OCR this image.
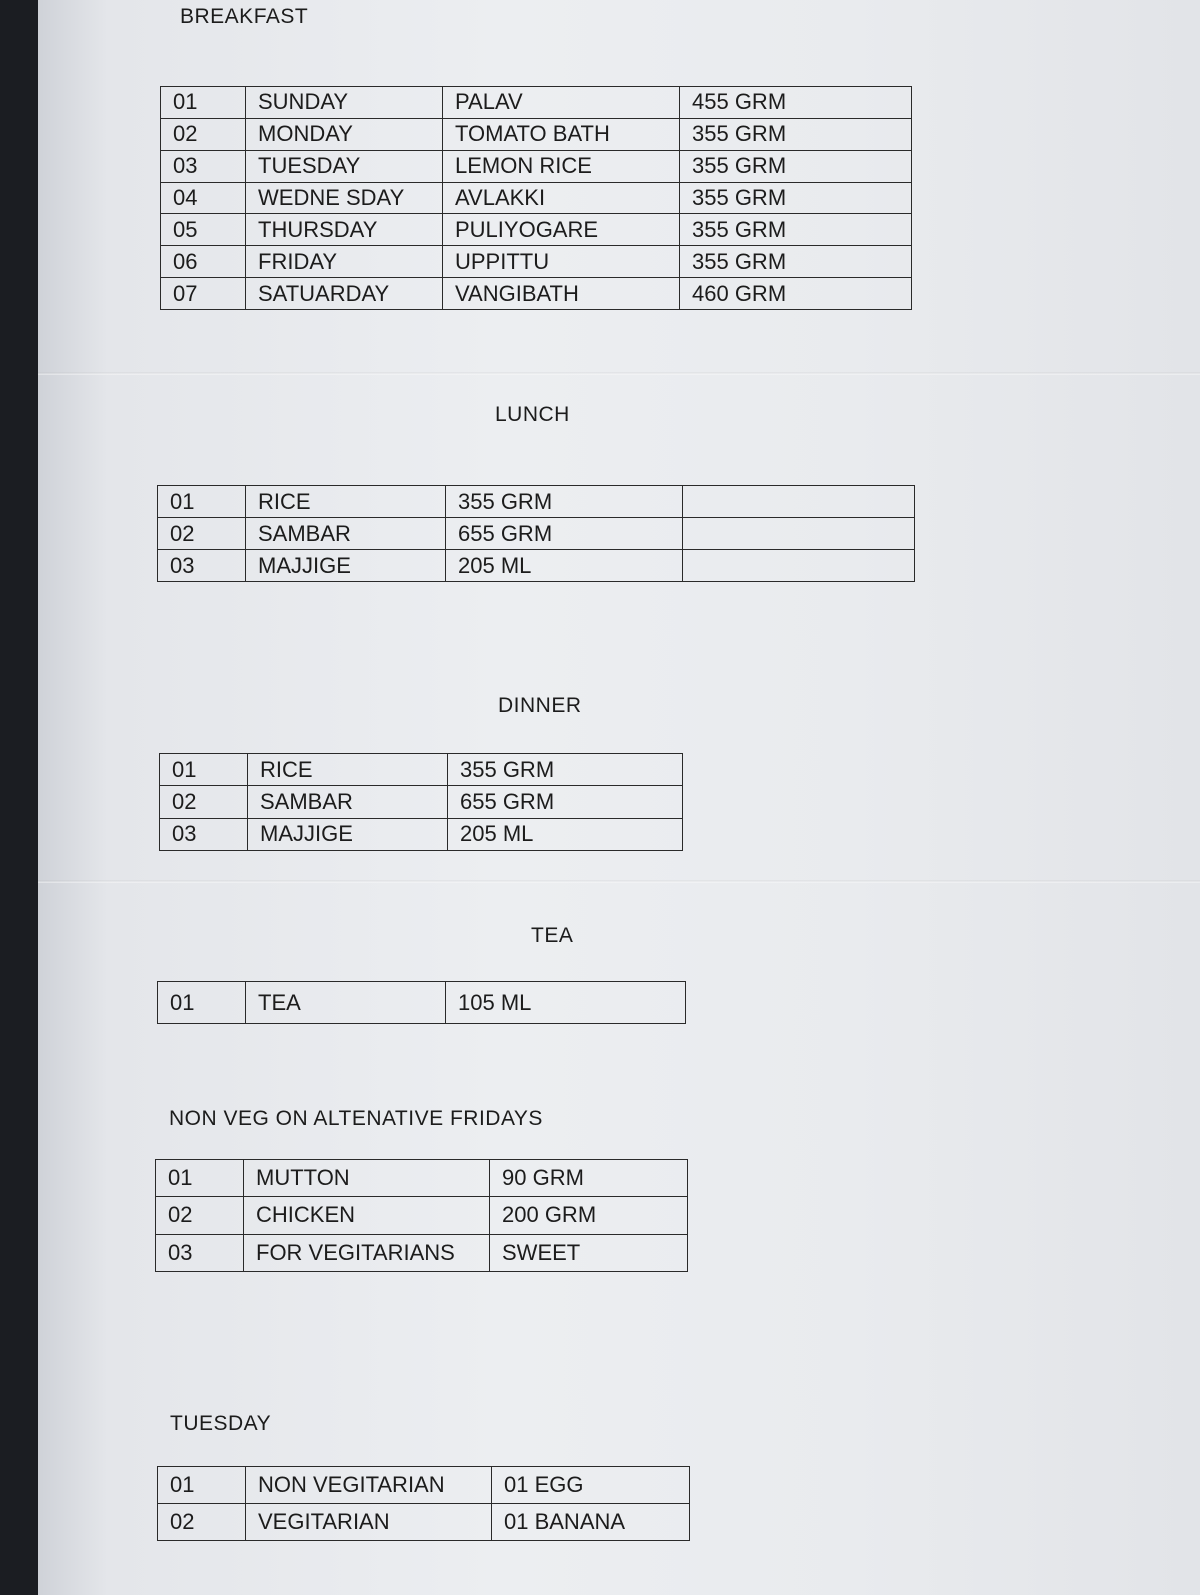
BREAKFAST
01	SUNDAY	PALAV	455 GRM
02	MONDAY	TOMATO BATH	355 GRM
03	TUESDAY	LEMON RICE	355 GRM
04	WEDNE SDAY	AVLAKKI	355 GRM
05	THURSDAY	PULIYOGARE	355 GRM
06	FRIDAY	UPPITTU	355 GRM
07	SATUARDAY	VANGIBATH	460 GRM
LUNCH
01	RICE	355 GRM	
02	SAMBAR	655 GRM	
03	MAJJIGE	205 ML	
DINNER
01	RICE	355 GRM
02	SAMBAR	655 GRM
03	MAJJIGE	205 ML
TEA
01	TEA	105 ML
NON VEG ON ALTENATIVE FRIDAYS
01	MUTTON	90 GRM
02	CHICKEN	200 GRM
03	FOR VEGITARIANS	SWEET
TUESDAY
01	NON VEGITARIAN	01 EGG
02	VEGITARIAN	01 BANANA
